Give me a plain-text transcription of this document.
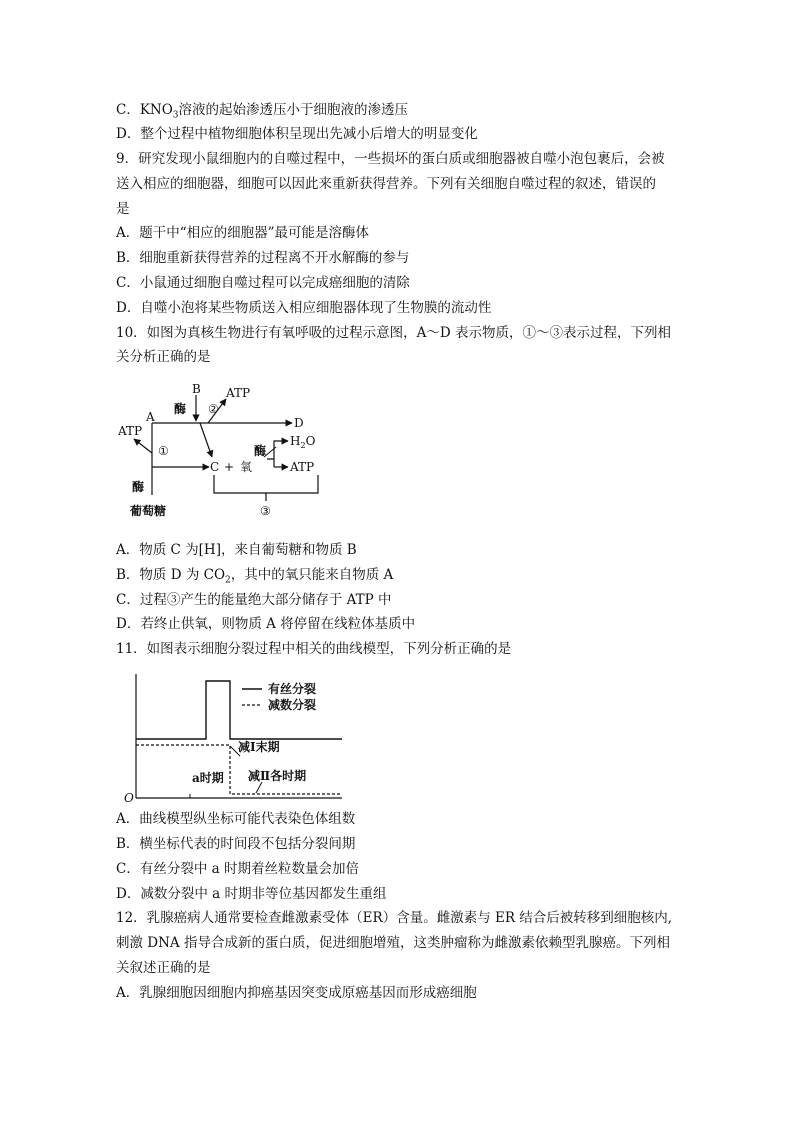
C．$KNO_3$溶液的起始渗透压小于细胞液的渗透压
D．整个过程中植物细胞体积呈现出先减小后增大的明显变化
9．研究发现小鼠细胞内的自噬过程中，一些损坏的蛋白质或细胞器被自噬小泡包裹后，会被
送入相应的细胞器，细胞可以因此来重新获得营养。下列有关细胞自噬过程的叙述，错误的
是
A．题干中“相应的细胞器”最可能是溶酶体
B．细胞重新获得营养的过程离不开水解酶的参与
C．小鼠通过细胞自噬过程可以完成癌细胞的清除
D．自噬小泡将某些物质送入相应细胞器体现了生物膜的流动性
10．如图为真核生物进行有氧呼吸的过程示意图，A～D 表示物质，①～③表示过程，下列相
关分析正确的是
B ATP
酶 ②
A	D
ATP
①
C + 氧
酶
$H_2O$
ATP
酶
葡萄糖	③
A．物质 C 为[H]，来自葡萄糖和物质 B
B．物质 D 为 $CO_2$，其中的氧只能来自物质 A
C．过程③产生的能量绝大部分储存于 ATP 中
D．若终止供氧，则物质 A 将停留在线粒体基质中
11．如图表示细胞分裂过程中相关的曲线模型，下列分析正确的是
有丝分裂
减数分裂
减Ⅰ末期
a时期 减Ⅱ各时期
O
A．曲线模型纵坐标可能代表染色体组数
B．横坐标代表的时间段不包括分裂间期
C．有丝分裂中 a 时期着丝粒数量会加倍
D．减数分裂中 a 时期非等位基因都发生重组
12．乳腺癌病人通常要检查雌激素受体（ER）含量。雌激素与 ER 结合后被转移到细胞核内,
刺激 DNA 指导合成新的蛋白质，促进细胞增殖，这类肿瘤称为雌激素依赖型乳腺癌。下列相
关叙述正确的是
A．乳腺细胞因细胞内抑癌基因突变成原癌基因而形成癌细胞
